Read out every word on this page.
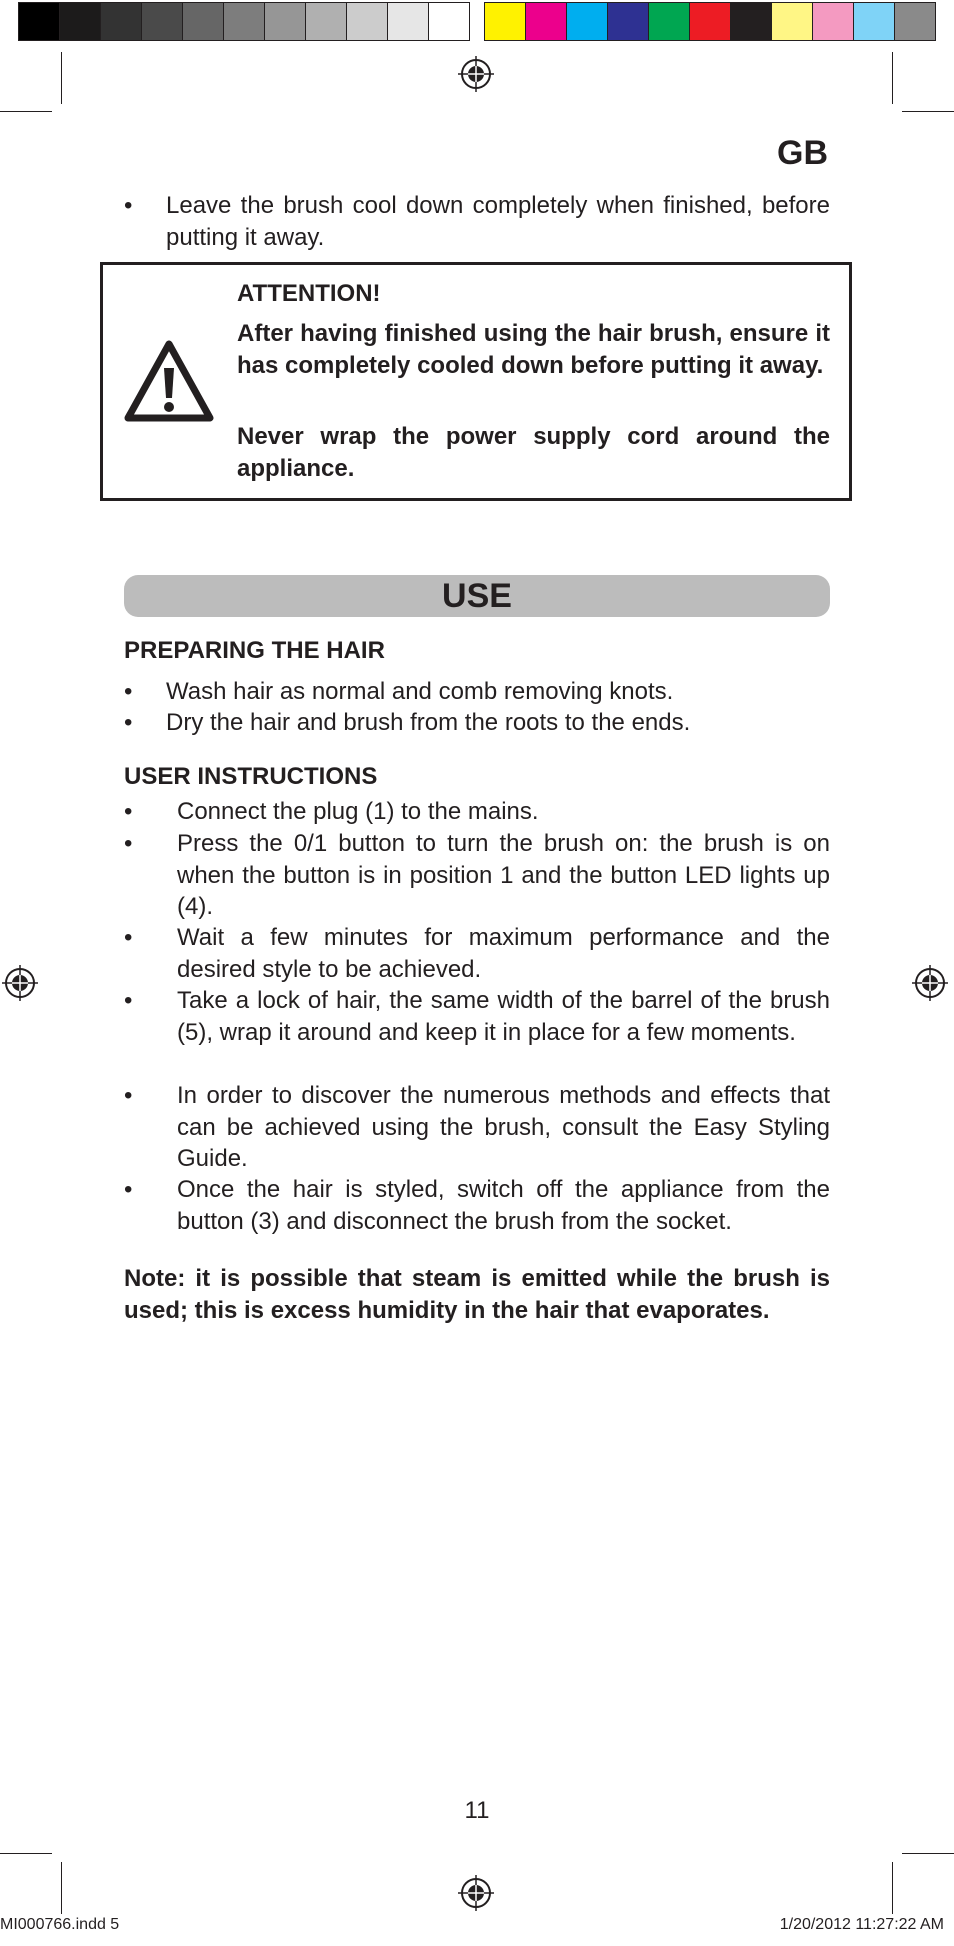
GB
• Leave the brush cool down completely when finished, before putting it away.
ATTENTION!
After having finished using the hair brush, ensure it has completely cooled down before putting it away.
Never wrap the power supply cord around the appliance.
USE
PREPARING THE HAIR
• Wash hair as normal and comb removing knots.
• Dry the hair and brush from the roots to the ends.
USER INSTRUCTIONS
• Connect the plug (1) to the mains.
• Press the 0/1 button to turn the brush on: the brush is on when the button is in position 1 and the button LED lights up (4).
• Wait a few minutes for maximum performance and the desired style to be achieved.
• Take a lock of hair, the same width of the barrel of the brush (5), wrap it around and keep it in place for a few moments.
• In order to discover the numerous methods and effects that can be achieved using the brush, consult the Easy Styling Guide.
• Once the hair is styled, switch off the appliance from the button (3) and disconnect the brush from the socket.
Note: it is possible that steam is emitted while the brush is used; this is excess humidity in the hair that evaporates.
11
MI000766.indd 5	1/20/2012 11:27:22 AM
